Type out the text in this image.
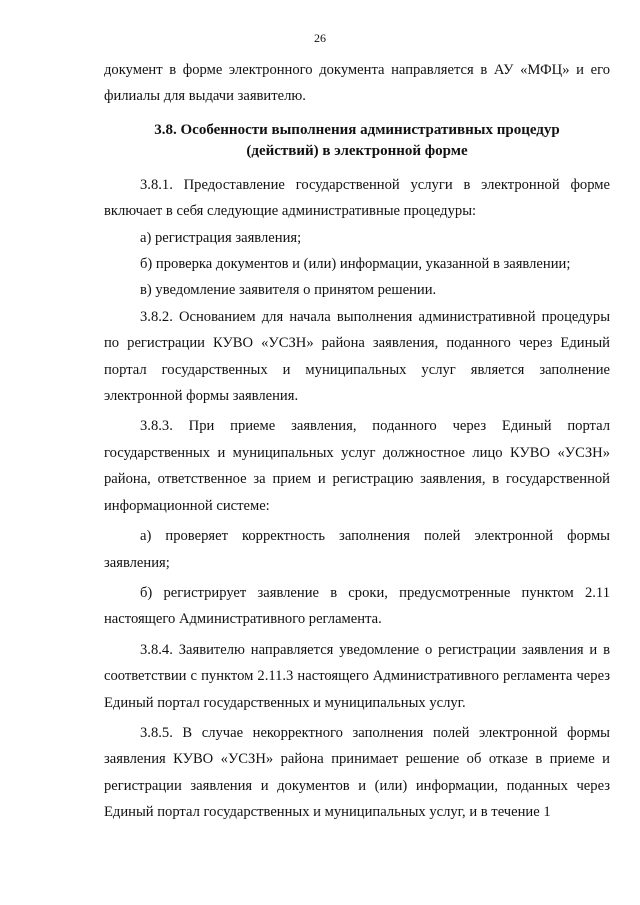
26

документ в форме электронного документа направляется в АУ «МФЦ» и его филиалы для выдачи заявителю.

3.8. Особенности выполнения административных процедур
(действий) в электронной форме

3.8.1. Предоставление государственной услуги в электронной форме включает в себя следующие административные процедуры:

а) регистрация заявления;

б) проверка документов и (или) информации, указанной в заявлении;

в) уведомление заявителя о принятом решении.

3.8.2. Основанием для начала выполнения административной процедуры по регистрации КУВО «УСЗН» района заявления, поданного через Единый портал государственных и муниципальных услуг является заполнение электронной формы заявления.

3.8.3. При приеме заявления, поданного через Единый портал государственных и муниципальных услуг должностное лицо КУВО «УСЗН» района, ответственное за прием и регистрацию заявления, в государственной информационной системе:

а) проверяет корректность заполнения полей электронной формы заявления;

б) регистрирует заявление в сроки, предусмотренные пунктом 2.11 настоящего Административного регламента.

3.8.4. Заявителю направляется уведомление о регистрации заявления и в соответствии с пунктом 2.11.3 настоящего Административного регламента через Единый портал государственных и муниципальных услуг.

3.8.5. В случае некорректного заполнения полей электронной формы заявления КУВО «УСЗН» района принимает решение об отказе в приеме и регистрации заявления и документов и (или) информации, поданных через Единый портал государственных и муниципальных услуг, и в течение 1
